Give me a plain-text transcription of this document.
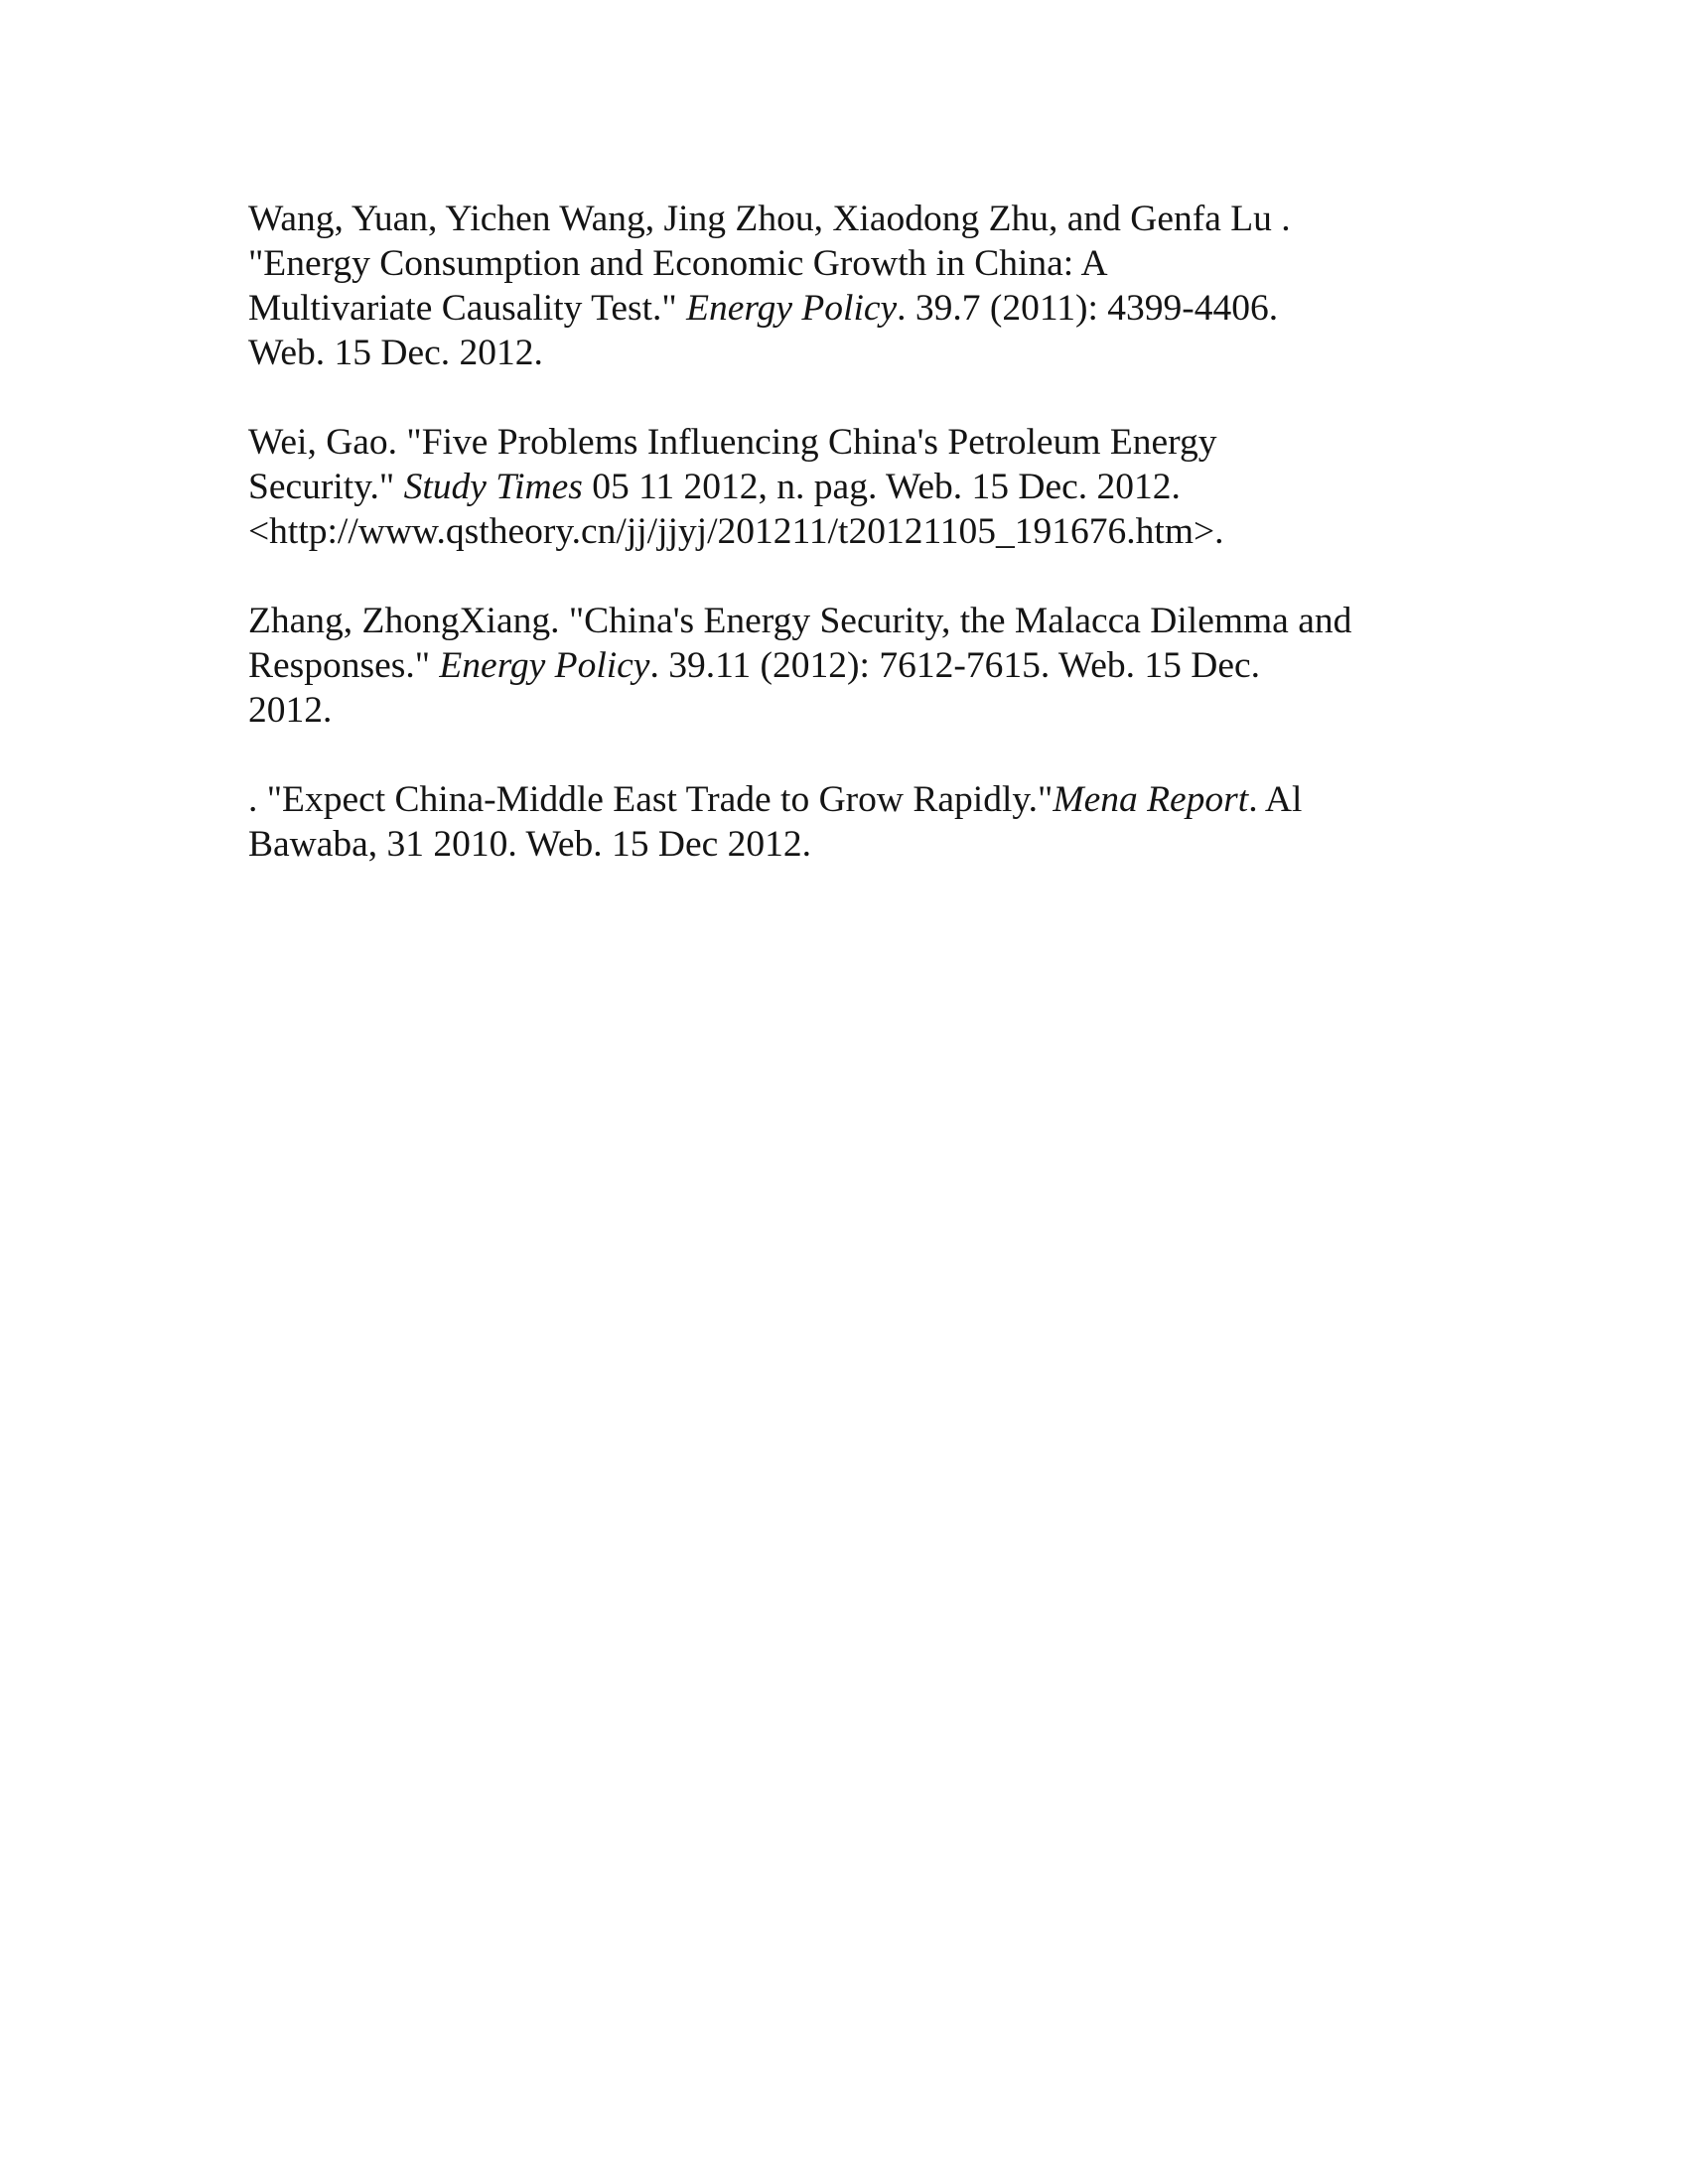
Wang, Yuan, Yichen Wang, Jing Zhou, Xiaodong Zhu, and Genfa Lu .
"Energy Consumption and Economic Growth in China: A
Multivariate Causality Test." Energy Policy. 39.7 (2011): 4399-4406.
Web. 15 Dec. 2012.
Wei, Gao. "Five Problems Influencing China's Petroleum Energy
Security." Study Times 05 11 2012, n. pag. Web. 15 Dec. 2012.
<http://www.qstheory.cn/jj/jjyj/201211/t20121105_191676.htm>.
Zhang, ZhongXiang. "China's Energy Security, the Malacca Dilemma and
Responses." Energy Policy. 39.11 (2012): 7612-7615. Web. 15 Dec.
2012.
. "Expect China-Middle East Trade to Grow Rapidly."Mena Report. Al
Bawaba, 31 2010. Web. 15 Dec 2012.
